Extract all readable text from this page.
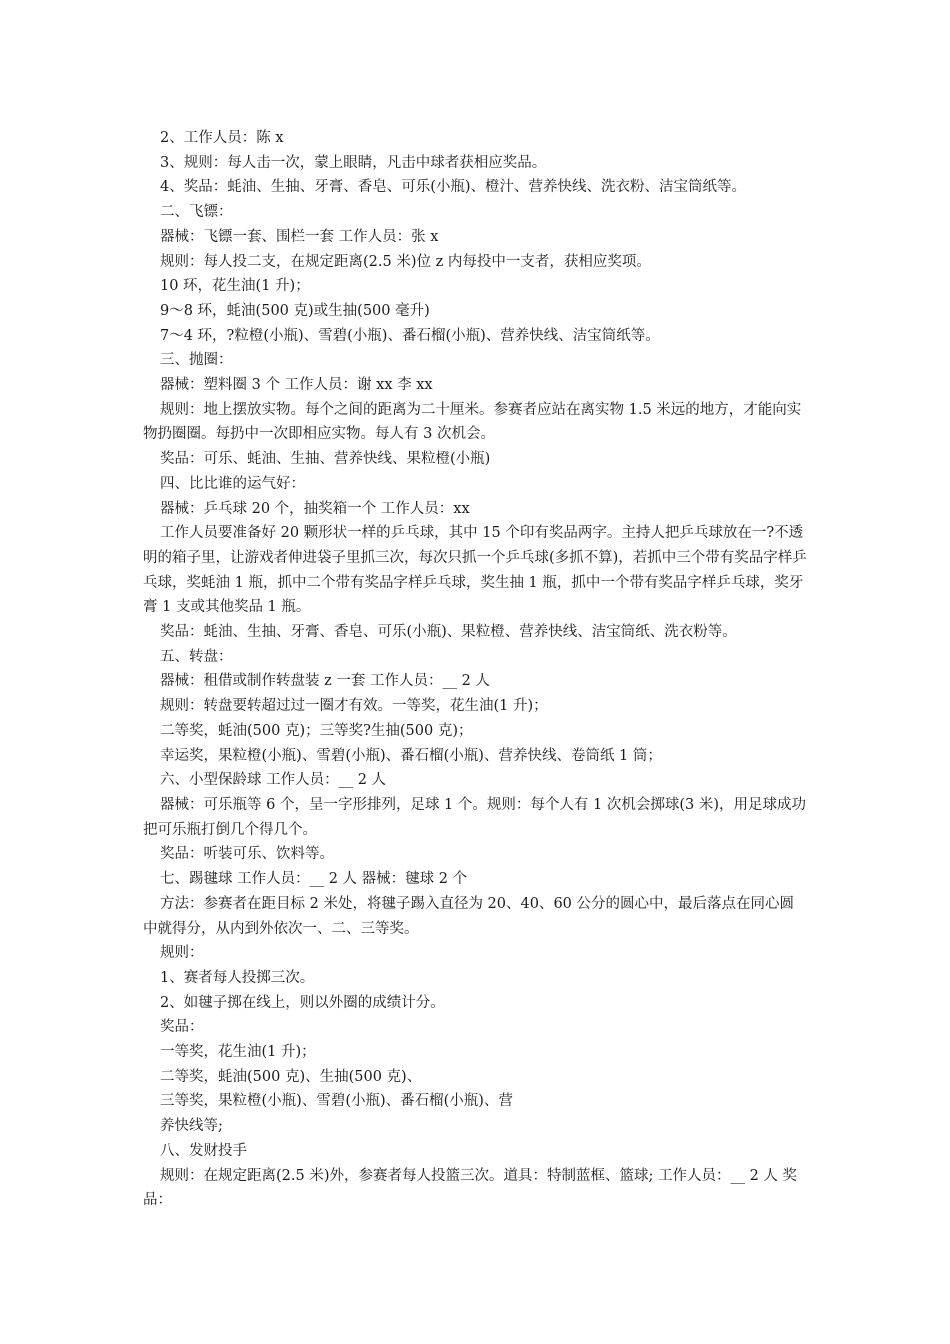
2、工作人员：陈 x

3、规则：每人击一次，蒙上眼睛，凡击中球者获相应奖品。

4、奖品：蚝油、生抽、牙膏、香皂、可乐(小瓶)、橙汁、营养快线、洗衣粉、洁宝筒纸等。

二、飞镖：

器械：飞镖一套、围栏一套 工作人员：张 x

规则：每人投二支，在规定距离(2.5 米)位 z 内每投中一支者，获相应奖项。

10 环，花生油(1 升)；

9～8 环，蚝油(500 克)或生抽(500 毫升)

7～4 环，?粒橙(小瓶)、雪碧(小瓶)、番石榴(小瓶)、营养快线、洁宝筒纸等。

三、抛圈：

器械：塑料圈 3 个 工作人员：谢 xx 李 xx

规则：地上摆放实物。每个之间的距离为二十厘米。参赛者应站在离实物 1.5 米远的地方，才能向实物扔圈圈。每扔中一次即相应实物。每人有 3 次机会。

奖品：可乐、蚝油、生抽、营养快线、果粒橙(小瓶)

四、比比谁的运气好：

器械：乒乓球 20 个，抽奖箱一个 工作人员：xx

工作人员要准备好 20 颗形状一样的乒乓球，其中 15 个印有奖品两字。主持人把乒乓球放在一?不透明的箱子里，让游戏者伸进袋子里抓三次，每次只抓一个乒乓球(多抓不算)，若抓中三个带有奖品字样乒乓球，奖蚝油 1 瓶，抓中二个带有奖品字样乒乓球，奖生抽 1 瓶，抓中一个带有奖品字样乒乓球，奖牙膏 1 支或其他奖品 1 瓶。

奖品：蚝油、生抽、牙膏、香皂、可乐(小瓶)、果粒橙、营养快线、洁宝筒纸、洗衣粉等。

五、转盘：

器械：租借或制作转盘装 z 一套 工作人员：__ 2 人

规则：转盘要转超过过一圈才有效。一等奖，花生油(1 升)；

二等奖，蚝油(500 克)；三等奖?生抽(500 克)；

幸运奖，果粒橙(小瓶)、雪碧(小瓶)、番石榴(小瓶)、营养快线、卷筒纸 1 筒；

六、小型保龄球 工作人员：__ 2 人

器械：可乐瓶等 6 个，呈一字形排列，足球 1 个。规则：每个人有 1 次机会掷球(3 米)，用足球成功把可乐瓶打倒几个得几个。

奖品：听装可乐、饮料等。

七、踢毽球 工作人员：__ 2 人 器械：毽球 2 个

方法：参赛者在距目标 2 米处，将毽子踢入直径为 20、40、60 公分的圆心中，最后落点在同心圆中就得分，从内到外依次一、二、三等奖。

规则：

1、赛者每人投掷三次。

2、如毽子掷在线上，则以外圈的成绩计分。

奖品：

一等奖，花生油(1 升)；

二等奖，蚝油(500 克)、生抽(500 克)、

三等奖，果粒橙(小瓶)、雪碧(小瓶)、番石榴(小瓶)、营

养快线等;

八、发财投手

规则：在规定距离(2.5 米)外，参赛者每人投篮三次。道具：特制蓝框、篮球; 工作人员：__ 2 人 奖品：
